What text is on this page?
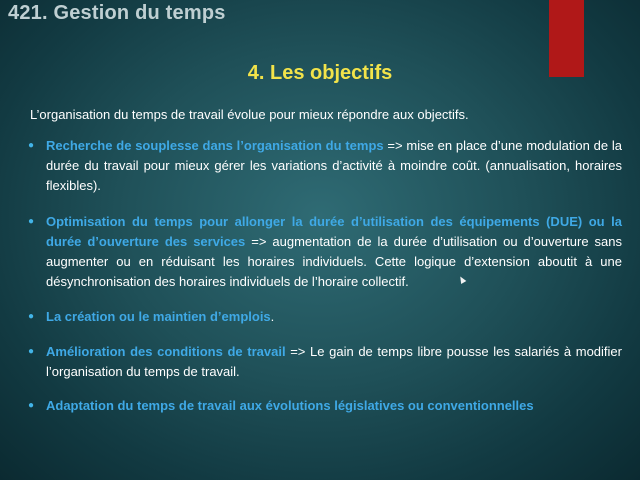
421. Gestion du temps
4. Les objectifs
L’organisation du temps de travail évolue pour mieux répondre aux objectifs.
● Recherche de souplesse dans l’organisation du temps => mise en place d’une modulation de la durée du travail pour mieux gérer les variations d’activité à moindre coût. (annualisation, horaires flexibles).
● Optimisation du temps pour allonger la durée d’utilisation des équipements (DUE) ou la durée d’ouverture des services => augmentation de la durée d’utilisation ou d’ouverture sans augmenter ou en réduisant les horaires individuels. Cette logique d’extension aboutit à une désynchronisation des horaires individuels de l’horaire collectif.
● La création ou le maintien d’emplois.
● Amélioration des conditions de travail => Le gain de temps libre pousse les salariés à modifier l’organisation du temps de travail.
● Adaptation du temps de travail aux évolutions législatives ou conventionnelles
